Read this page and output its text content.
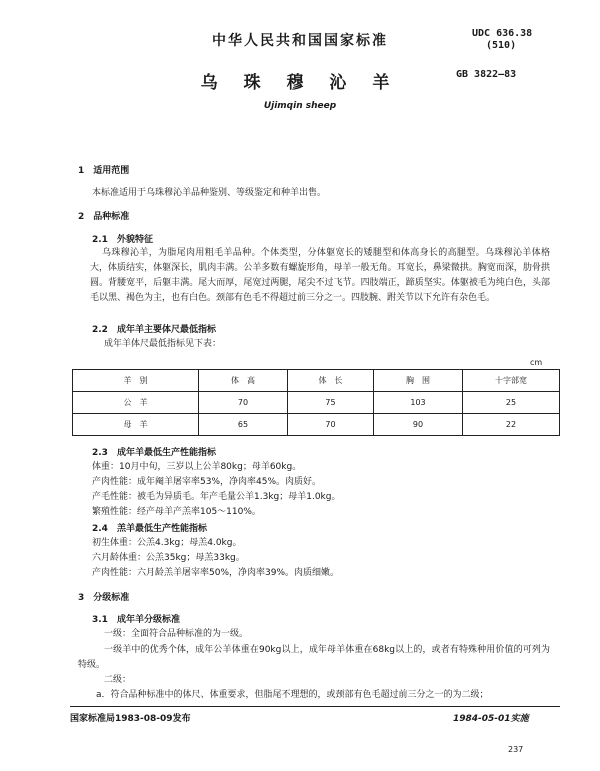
中华人民共和国国家标准	UDC 636.38
(510)
乌 珠 穆 沁 羊	GB 3822—83
Ujimqin sheep
1　适用范围
本标准适用于乌珠穆沁羊品种鉴别、等级鉴定和种羊出售。
2　品种标准
2.1　外貌特征
乌珠穆沁羊，为脂尾肉用粗毛羊品种。个体类型，分体躯宽长的矮腿型和体高身长的高腿型。乌珠穆沁羊体格大，体质结实，体躯深长，肌肉丰满。公羊多数有螺旋形角，母羊一般无角。耳宽长，鼻梁微拱。胸宽而深，肋骨拱圆。背腰宽平，后躯丰满。尾大而厚，尾宽过两腿，尾尖不过飞节。四肢端正，蹄质坚实。体躯被毛为纯白色，头部毛以黑、褐色为主，也有白色。颈部有色毛不得超过前三分之一。四肢腕、跗关节以下允许有杂色毛。
2.2　成年羊主要体尺最低指标
成年羊体尺最低指标见下表：
cm
羊　别	体　高	体　长	胸　围	十字部宽
公　羊	70	75	103	25
母　羊	65	70	90	22
2.3　成年羊最低生产性能指标
体重：10月中旬，三岁以上公羊80kg；母羊60kg。
产肉性能：成年阉羊屠宰率53%，净肉率45%。肉质好。
产毛性能：被毛为异质毛。年产毛量公羊1.3kg；母羊1.0kg。
繁殖性能：经产母羊产羔率105～110%。
2.4　羔羊最低生产性能指标
初生体重：公羔4.3kg；母羔4.0kg。
六月龄体重：公羔35kg；母羔33kg。
产肉性能：六月龄羔羊屠宰率50%，净肉率39%。肉质细嫩。
3　分级标准
3.1　成年羊分级标准
一级：全面符合品种标准的为一级。
一级羊中的优秀个体，成年公羊体重在90kg以上，成年母羊体重在68kg以上的，或者有特殊种用价值的可列为特级。
二级：
a．符合品种标准中的体尺、体重要求，但脂尾不理想的，或颈部有色毛超过前三分之一的为二级；
国家标准局1983-08-09发布	1984-05-01实施
237
